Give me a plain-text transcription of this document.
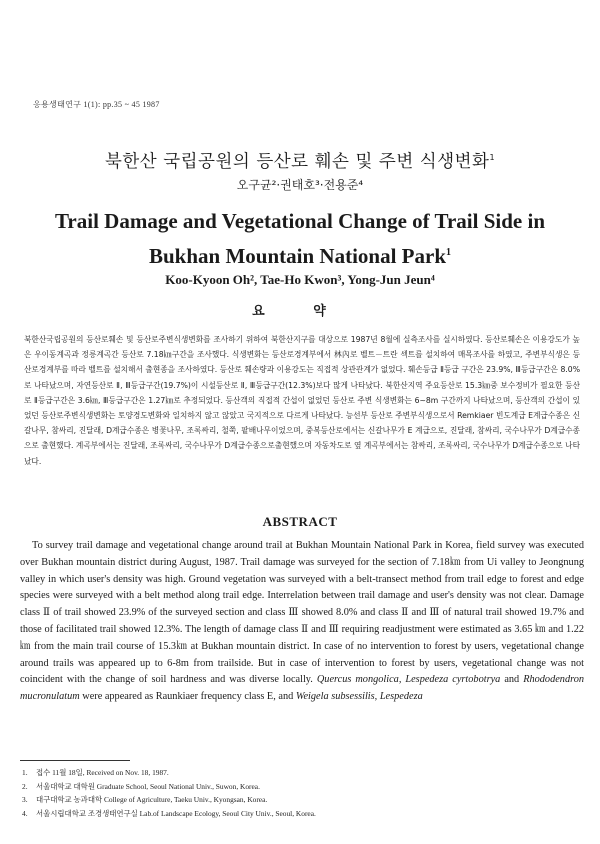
응용생태연구 1(1): pp.35 ~ 45 1987
북한산 국립공원의 등산로 훼손 및 주변 식생변화$^1$
오구균²·권태호³·전용준⁴
Trail Damage and Vegetational Change of Trail Side in
Bukhan Mountain National Park$^1$
Koo-Kyoon Oh², Tae-Ho Kwon³, Yong-Jun Jeun⁴
요 약
북한산국립공원의 등산로훼손 및 등산로주변식생변화를 조사하기 위하여 북한산지구를 대상으로 1987년 8월에 실측조사를 실시하였다. 등산로훼손은 이용강도가 높은 우이동계곡과 정릉계곡간 등산로 7.18㎞구간을 조사했다. 식생변화는 등산로경계부에서 林內로 벨트－트란 섹트를 설치하여 매목조사를 하였고, 주변부식생은 등산로경계부를 따라 벨트를 설치해서 출현종을 조사하였다. 등산로 훼손량과 이용강도는 직접적 상관관계가 없었다. 훼손등급 Ⅱ등급 구간은 23.9%, Ⅲ등급구간은 8.0%로 나타났으며, 자연등산로 Ⅱ, Ⅲ등급구간(19.7%)이 시설등산로 Ⅱ, Ⅲ등급구간(12.3%)보다 많게 나타났다. 북한산지역 주요등산로 15.3㎞중 보수정비가 필요한 등산로 Ⅱ등급구간은 3.6㎞, Ⅲ등급구간은 1.27㎞로 추정되었다. 등산객의 직접적 간섭이 없었던 등산로 주변 식생변화는 6~8m 구간까지 나타났으며, 등산객의 간섭이 있었던 등산로주변식생변화는 토양경도변화와 일치하지 않고 않았고 국지적으로 다르게 나타났다. 능선부 등산로 주변부식생으로서 Remkiaer 빈도계급 E계급수종은 신갈나무, 참싸리, 진달래, D계급수종은 병꽃나무, 조록싸리, 철쭉, 팥배나무이었으며, 중복등산로에서는 신갈나무가 E 계급으로, 진달래, 참싸리, 국수나무가 D계급수종으로 출현했다. 계곡부에서는 진달래, 조록싸리, 국수나무가 D계급수종으로출현했으며 자동차도로 옆 계곡부에서는 참싸리, 조록싸리, 국수나무가 D계급수종으로 나타났다.
ABSTRACT

To survey trail damage and vegetational change around trail at Bukhan Mountain National Park in Korea, field survey was executed over Bukhan mountain district during August, 1987. Trail damage was surveyed for the section of 7.18㎞ from Ui valley to Jeongnung valley in which user's density was high. Ground vegetation was surveyed with a belt-transect method from trail edge to forest and edge species were surveyed with a belt method along trail edge. Interrelation between trail damage and user's density was not clear. Damage class Ⅱ of trail showed 23.9% of the surveyed section and class Ⅲ showed 8.0% and class Ⅱ and Ⅲ of natural trail showed 19.7% and those of facilitated trail showed 12.3%. The length of damage class Ⅱ and Ⅲ requiring readjustment were estimated as 3.65 ㎞ and 1.22㎞ from the main trail course of 15.3㎞ at Bukhan mountain district. In case of no intervention to forest by users, vegetational change around trails was appeared up to 6-8m from trailside. But in case of intervention to forest by users, vegetational change was not coincident with the change of soil hardness and was diverse locally. Quercus mongolica, Lespedeza cyrtobotrya and Rhododendron mucronulatum were appeared as Raunkiaer frequency class E, and Weigela subsessilis, Lespedeza

1. 접수 11월 18일, Received on Nov. 18, 1987.
2. 서울대학교 대학원 Graduate School, Seoul National Univ., Suwon, Korea.
3. 대구대학교 농과대학 College of Agriculture, Taeku Univ., Kyongsan, Korea.
4. 서울시립대학교 조경생태연구실 Lab.of Landscape Ecology, Seoul City Univ., Seoul, Korea.
